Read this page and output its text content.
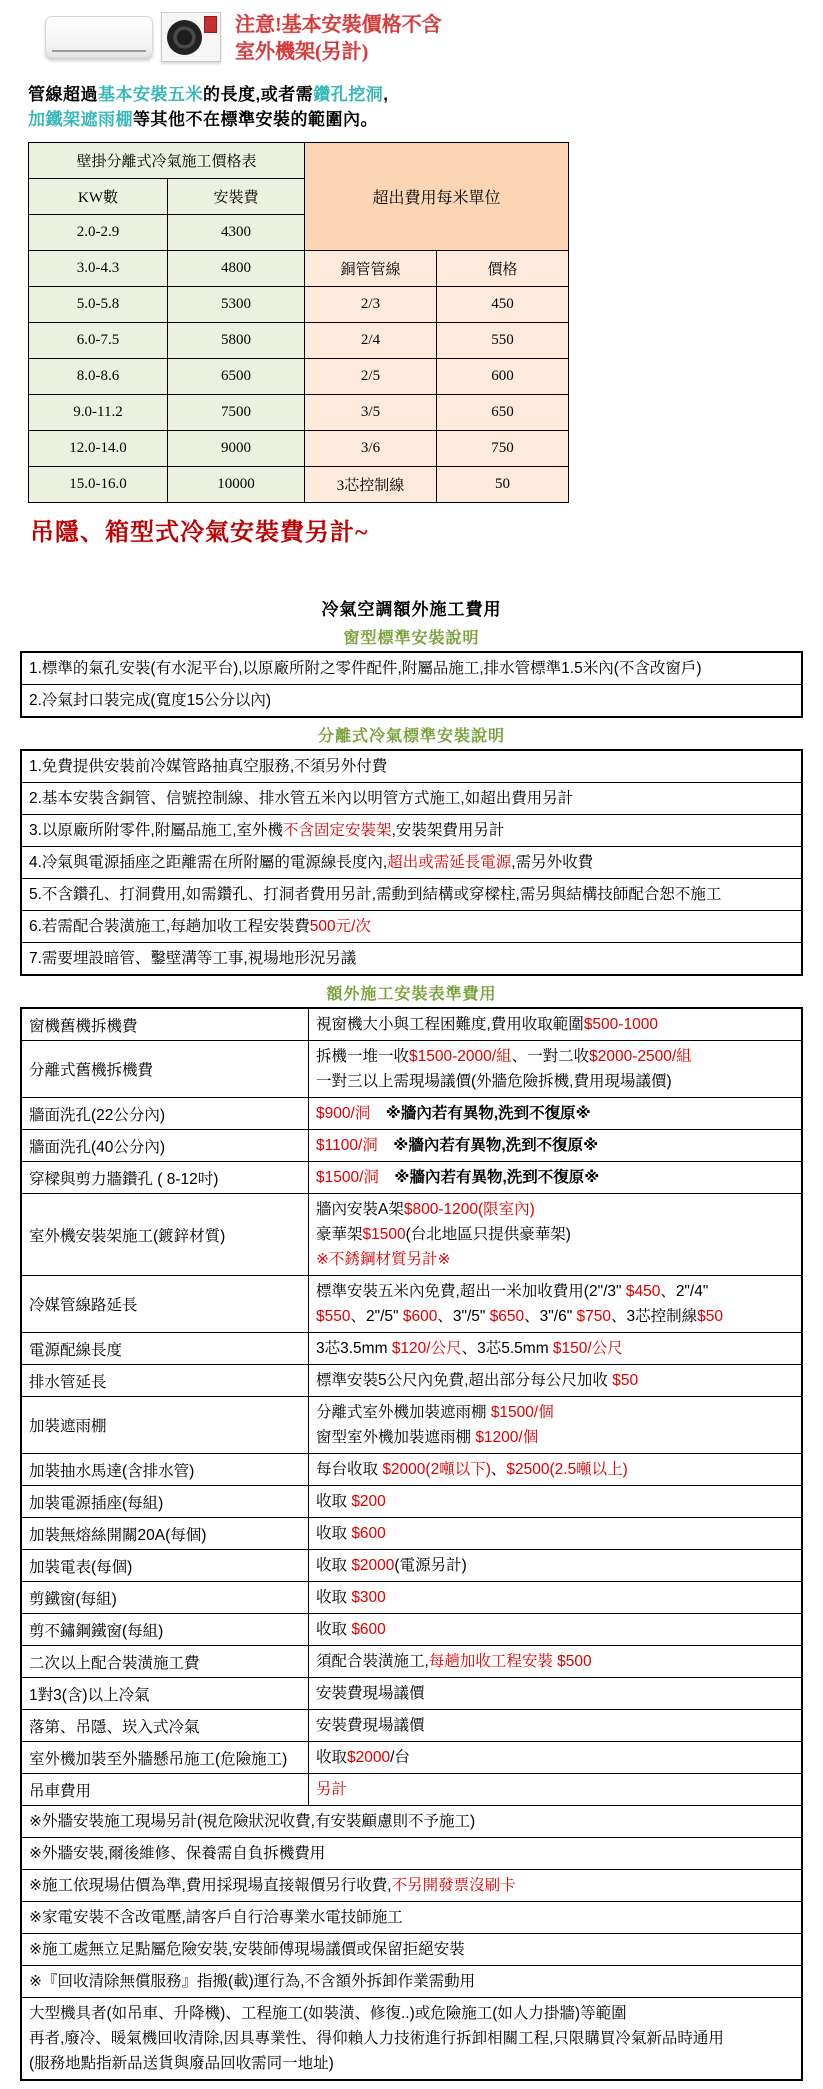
注意!基本安裝價格不含
室外機架(另計)
管線超過基本安裝五米的長度,或者需鑽孔挖洞,
加鐵架遮雨棚等其他不在標準安裝的範圍內。
壁掛分離式冷氣施工價格表		超出費用每米單位	
KW數	安裝費		
2.0-2.9	4300		
3.0-4.3	4800	銅管管線	價格
5.0-5.8	5300	2/3	450
6.0-7.5	5800	2/4	550
8.0-8.6	6500	2/5	600
9.0-11.2	7500	3/5	650
12.0-14.0	9000	3/6	750
15.0-16.0	10000	3芯控制線	50
吊隱、箱型式冷氣安裝費另計~
冷氣空調額外施工費用
窗型標準安裝說明
1.標準的氣孔安裝(有水泥平台),以原廠所附之零件配件,附屬品施工,排水管標準1.5米內(不含改窗戶)
2.冷氣封口裝完成(寬度15公分以內)
分離式冷氣標準安裝說明
1.免費提供安裝前冷媒管路抽真空服務,不須另外付費
2.基本安裝含銅管、信號控制線、排水管五米內以明管方式施工,如超出費用另計
3.以原廠所附零件,附屬品施工,室外機不含固定安裝架,安裝架費用另計
4.冷氣與電源插座之距離需在所附屬的電源線長度內,超出或需延長電源,需另外收費
5.不含鑽孔、打洞費用,如需鑽孔、打洞者費用另計,需動到結構或穿樑柱,需另與結構技師配合恕不施工
6.若需配合裝潢施工,每趟加收工程安裝費500元/次
7.需要埋設暗管、鑿壁溝等工事,視場地形況另議
額外施工安裝表準費用
窗機舊機拆機費	視窗機大小與工程困難度,費用收取範圍$500-1000

分離式舊機拆機費	拆機一堆一收$1500-2000/組、一對二收$2000-2500/組
一對三以上需現場議價(外牆危險拆機,費用現場議價)

牆面洗孔(22公分內)	$900/洞　※牆內若有異物,洗到不復原※

牆面洗孔(40公分內)	$1100/洞　※牆內若有異物,洗到不復原※

穿樑與剪力牆鑽孔 ( 8-12吋)	$1500/洞　※牆內若有異物,洗到不復原※

室外機安裝架施工(鍍鋅材質)	牆內安裝A架$800-1200(限室內)
豪華架$1500(台北地區只提供豪華架)
※不銹鋼材質另計※

冷媒管線路延長	標準安裝五米內免費,超出一米加收費用(2"/3" $450、2"/4"
$550、2"/5" $600、3"/5" $650、3"/6" $750、3芯控制線$50

電源配線長度	3芯3.5mm $120/公尺、3芯5.5mm $150/公尺

排水管延長	標準安裝5公尺內免費,超出部分每公尺加收 $50

加裝遮雨棚	分離式室外機加裝遮雨棚 $1500/個
窗型室外機加裝遮雨棚 $1200/個

加裝抽水馬達(含排水管)	每台收取 $2000(2噸以下)、$2500(2.5噸以上)

加裝電源插座(每組)	收取 $200

加裝無熔絲開關20A(每個)	收取 $600

加裝電表(每個)	收取 $2000(電源另計)

剪鐵窗(每組)	收取 $300

剪不鏽鋼鐵窗(每組)	收取 $600

二次以上配合裝潢施工費	須配合裝潢施工,每趟加收工程安裝 $500

1對3(含)以上冷氣	安裝費現場議價

落第、吊隱、崁入式冷氣	安裝費現場議價

室外機加裝至外牆懸吊施工(危險施工)	收取$2000/台

吊車費用	另計

※外牆安裝施工現場另計(視危險狀況收費,有安裝顧慮則不予施工)	

※外牆安裝,爾後維修、保養需自負拆機費用	

※施工依現場估價為準,費用採現場直接報價另行收費,不另開發票沒刷卡	

※家電安裝不含改電壓,請客戶自行洽專業水電技師施工	

※施工處無立足點屬危險安裝,安裝師傅現場議價或保留拒絕安裝	

※『回收清除無償服務』指搬(載)運行為,不含額外拆卸作業需動用	

大型機具者(如吊車、升降機)、工程施工(如裝潢、修復..)或危險施工(如人力掛牆)等範圍
再者,廢冷、暖氣機回收清除,因具專業性、得仰賴人力技術進行拆卸相關工程,只限購買冷氣新品時通用
(服務地點指新品送貨與廢品回收需同一地址)	
